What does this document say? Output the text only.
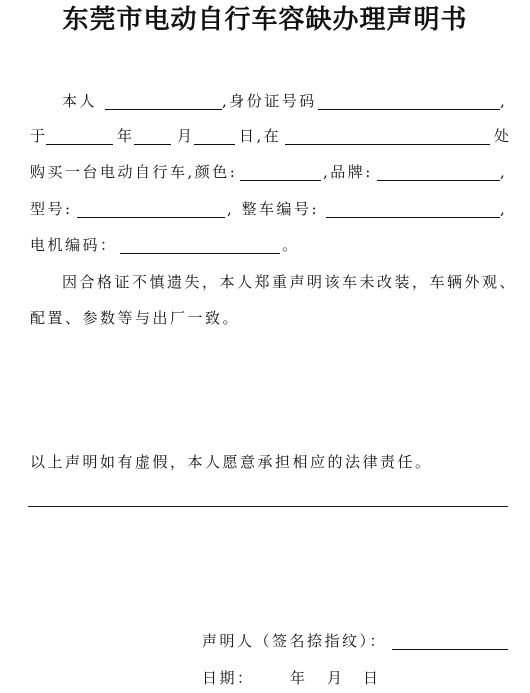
东莞市电动自行车容缺办理声明书
本人	,身份证号码	,
于	年	月	日,在	处
购买一台电动自行车,颜色:	,品牌:	,
型号:	, 整车编号:	,
电机编码：	。
因合格证不慎遗失，本人郑重声明该车未改装，车辆外观、
配置、参数等与出厂一致。
以上声明如有虚假，本人愿意承担相应的法律责任。
声明人（签名捺指纹）：
日期： 年 月 日
